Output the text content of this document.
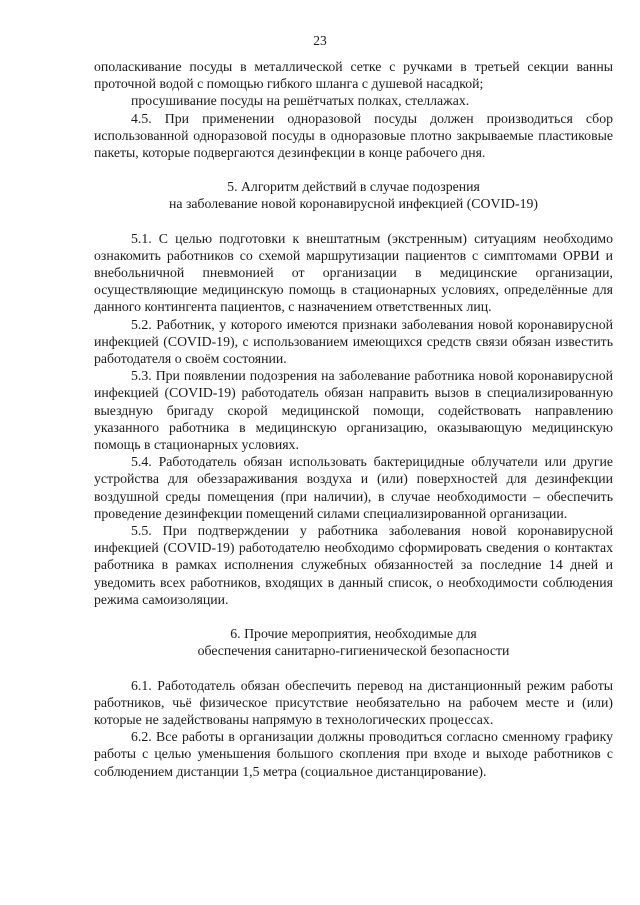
23

ополаскивание посуды в металлической сетке с ручками в третьей секции ванны проточной водой с помощью гибкого шланга с душевой насадкой;

просушивание посуды на решётчатых полках, стеллажах.

4.5. При применении одноразовой посуды должен производиться сбор использованной одноразовой посуды в одноразовые плотно закрываемые пластиковые пакеты, которые подвергаются дезинфекции в конце рабочего дня.

5. Алгоритм действий в случае подозрения

на заболевание новой коронавирусной инфекцией (COVID-19)

5.1. С целью подготовки к внештатным (экстренным) ситуациям необходимо ознакомить работников со схемой маршрутизации пациентов с симптомами ОРВИ и внебольничной пневмонией от организации в медицинские организации, осуществляющие медицинскую помощь в стационарных условиях, определённые для данного контингента пациентов, с назначением ответственных лиц.

5.2. Работник, у которого имеются признаки заболевания новой коронавирусной инфекцией (COVID-19), с использованием имеющихся средств связи обязан известить работодателя о своём состоянии.

5.3. При появлении подозрения на заболевание работника новой коронавирусной инфекцией (COVID-19) работодатель обязан направить вызов в специализированную выездную бригаду скорой медицинской помощи, содействовать направлению указанного работника в медицинскую организацию, оказывающую медицинскую помощь в стационарных условиях.

5.4. Работодатель обязан использовать бактерицидные облучатели или другие устройства для обеззараживания воздуха и (или) поверхностей для дезинфекции воздушной среды помещения (при наличии), в случае необходимости – обеспечить проведение дезинфекции помещений силами специализированной организации.

5.5. При подтверждении у работника заболевания новой коронавирусной инфекцией (COVID-19) работодателю необходимо сформировать сведения о контактах работника в рамках исполнения служебных обязанностей за последние 14 дней и уведомить всех работников, входящих в данный список, о необходимости соблюдения режима самоизоляции.

6. Прочие мероприятия, необходимые для

обеспечения санитарно-гигиенической безопасности

6.1. Работодатель обязан обеспечить перевод на дистанционный режим работы работников, чьё физическое присутствие необязательно на рабочем месте и (или) которые не задействованы напрямую в технологических процессах.

6.2. Все работы в организации должны проводиться согласно сменному графику работы с целью уменьшения большого скопления при входе и выходе работников с соблюдением дистанции 1,5 метра (социальное дистанцирование).
